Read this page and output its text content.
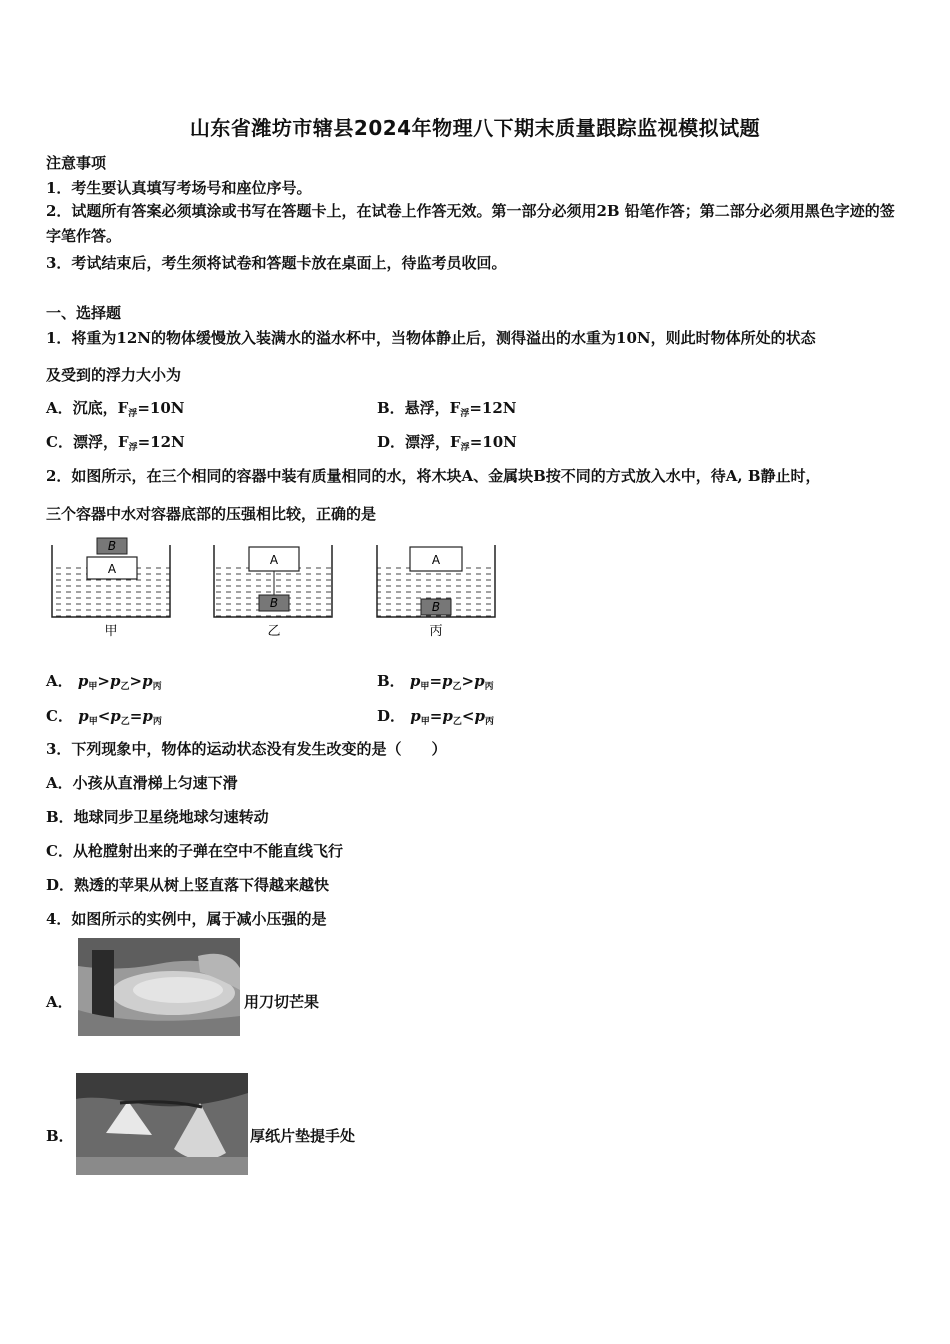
山东省潍坊市辖县2024年物理八下期末质量跟踪监视模拟试题
注意事项
1．考生要认真填写考场号和座位序号。
2．试题所有答案必须填涂或书写在答题卡上，在试卷上作答无效。第一部分必须用2B 铅笔作答；第二部分必须用黑色字迹的签字笔作答。
3．考试结束后，考生须将试卷和答题卡放在桌面上，待监考员收回。
一、选择题
1．将重为12N的物体缓慢放入装满水的溢水杯中，当物体静止后，测得溢出的水重为10N，则此时物体所处的状态
及受到的浮力大小为
A．沉底，$F_浮=10N$	B．悬浮，$F_浮=12N$
C．漂浮，$F_浮=12N$	D．漂浮，$F_浮=10N$
2．如图所示，在三个相同的容器中装有质量相同的水，将木块A、金属块B按不同的方式放入水中，待A, B静止时，
三个容器中水对容器底部的压强相比较，正确的是
A
B
甲
A
B
乙
A
B
丙
A． $p_甲>p_乙>p_丙$	B． $p_甲=p_乙>p_丙$
C． $p_甲<p_乙=p_丙$	D． $p_甲=p_乙<p_丙$
3．下列现象中，物体的运动状态没有发生改变的是（　　）
A．小孩从直滑梯上匀速下滑
B．地球同步卫星绕地球匀速转动
C．从枪膛射出来的子弹在空中不能直线飞行
D．熟透的苹果从树上竖直落下得越来越快
4．如图所示的实例中，属于减小压强的是
A．	用刀切芒果
B．	厚纸片垫提手处
